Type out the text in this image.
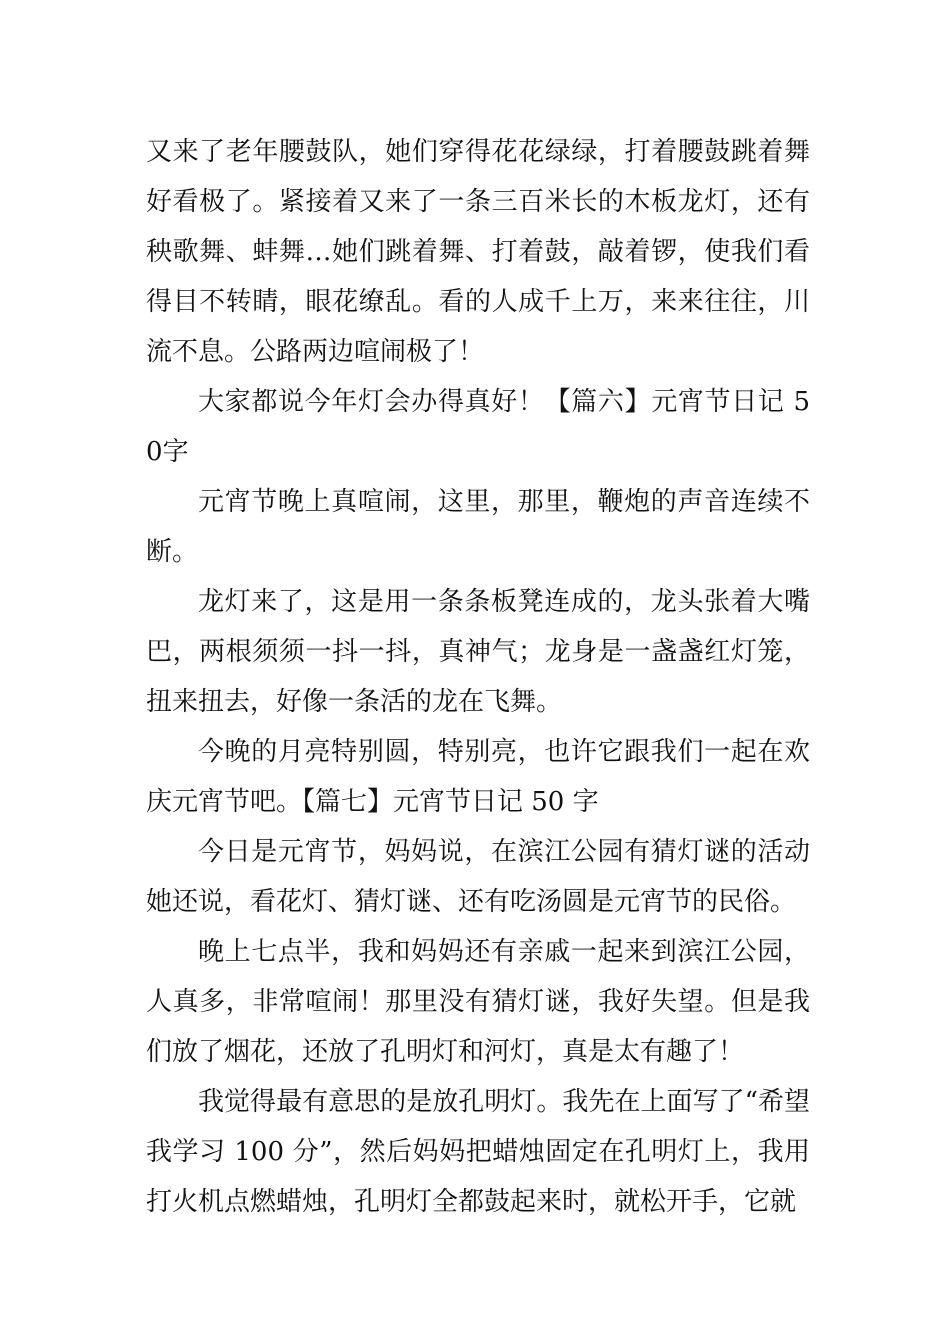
又来了老年腰鼓队，她们穿得花花绿绿，打着腰鼓跳着舞好看极了。紧接着又来了一条三百米长的木板龙灯，还有秧歌舞、蚌舞…她们跳着舞、打着鼓，敲着锣，使我们看得目不转睛，眼花缭乱。看的人成千上万，来来往往，川流不息。公路两边喧闹极了！

大家都说今年灯会办得真好！【篇六】元宵节日记 50字

元宵节晚上真喧闹，这里，那里，鞭炮的声音连续不断。

龙灯来了，这是用一条条板凳连成的，龙头张着大嘴巴，两根须须一抖一抖，真神气；龙身是一盏盏红灯笼，扭来扭去，好像一条活的龙在飞舞。

今晚的月亮特别圆，特别亮，也许它跟我们一起在欢庆元宵节吧。【篇七】元宵节日记 50 字

今日是元宵节，妈妈说，在滨江公园有猜灯谜的活动她还说，看花灯、猜灯谜、还有吃汤圆是元宵节的民俗。

晚上七点半，我和妈妈还有亲戚一起来到滨江公园，人真多，非常喧闹！那里没有猜灯谜，我好失望。但是我们放了烟花，还放了孔明灯和河灯，真是太有趣了！

我觉得最有意思的是放孔明灯。我先在上面写了“希望我学习 100 分”，然后妈妈把蜡烛固定在孔明灯上，我用打火机点燃蜡烛，孔明灯全都鼓起来时，就松开手，它就
